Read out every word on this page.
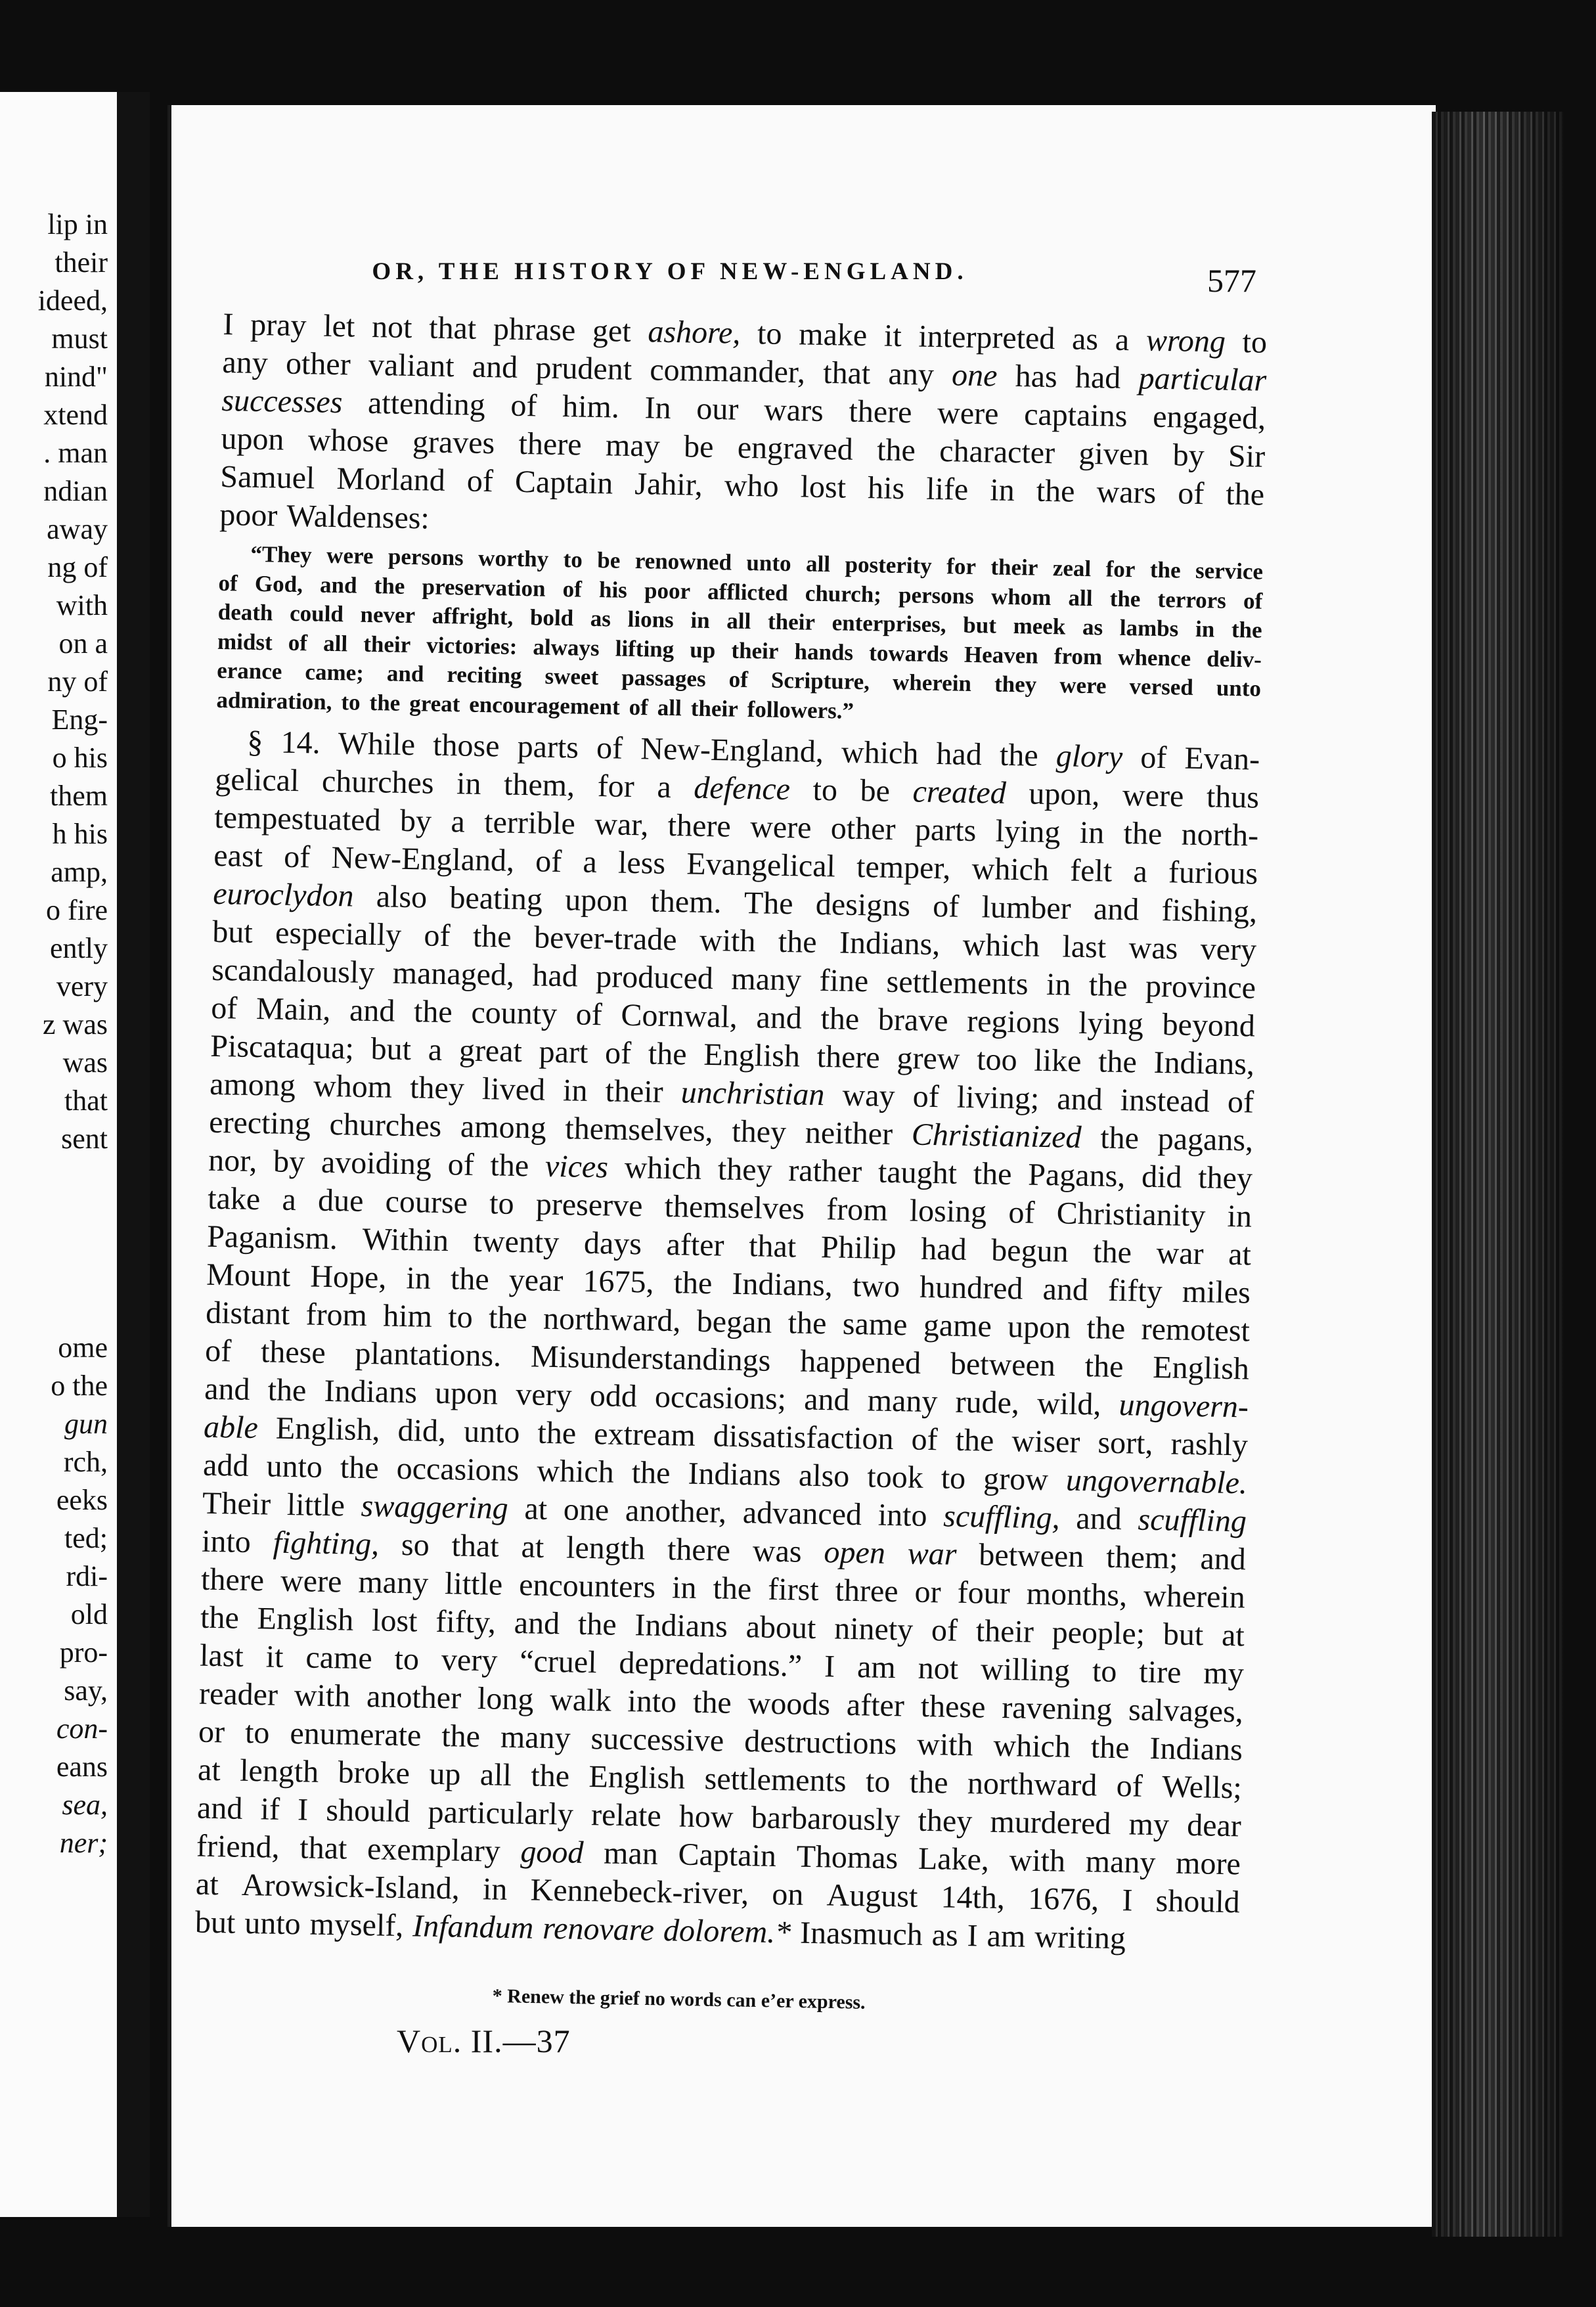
lip in
their
ideed,
must
nind"
xtend
. man
ndian
away
ng of
with
on a
ny of
Eng-
o his
them
h his
amp,
o fire
ently
very
z was
was
that
sent
ome
o the
gun
rch,
eeks
ted;
rdi-
old
pro-
say,
con-
eans
sea,
ner;
OR, THE HISTORY OF NEW-ENGLAND.	577
I pray let not that phrase get ashore, to make it interpreted as a wrong to
any other valiant and prudent commander, that any one has had particular
successes attending of him. In our wars there were captains engaged,
upon whose graves there may be engraved the character given by Sir
Samuel Morland of Captain Jahir, who lost his life in the wars of the
poor Waldenses:
“They were persons worthy to be renowned unto all posterity for their zeal for the service
of God, and the preservation of his poor afflicted church; persons whom all the terrors of
death could never affright, bold as lions in all their enterprises, but meek as lambs in the
midst of all their victories: always lifting up their hands towards Heaven from whence deliv-
erance came; and reciting sweet passages of Scripture, wherein they were versed unto
admiration, to the great encouragement of all their followers.”
§ 14. While those parts of New-England, which had the glory of Evan-
gelical churches in them, for a defence to be created upon, were thus
tempestuated by a terrible war, there were other parts lying in the north-
east of New-England, of a less Evangelical temper, which felt a furious
euroclydon also beating upon them. The designs of lumber and fishing,
but especially of the bever-trade with the Indians, which last was very
scandalously managed, had produced many fine settlements in the province
of Main, and the county of Cornwal, and the brave regions lying beyond
Piscataqua; but a great part of the English there grew too like the Indians,
among whom they lived in their unchristian way of living; and instead of
erecting churches among themselves, they neither Christianized the pagans,
nor, by avoiding of the vices which they rather taught the Pagans, did they
take a due course to preserve themselves from losing of Christianity in
Paganism. Within twenty days after that Philip had begun the war at
Mount Hope, in the year 1675, the Indians, two hundred and fifty miles
distant from him to the northward, began the same game upon the remotest
of these plantations. Misunderstandings happened between the English
and the Indians upon very odd occasions; and many rude, wild, ungovern-
able English, did, unto the extream dissatisfaction of the wiser sort, rashly
add unto the occasions which the Indians also took to grow ungovernable.
Their little swaggering at one another, advanced into scuffling, and scuffling
into fighting, so that at length there was open war between them; and
there were many little encounters in the first three or four months, wherein
the English lost fifty, and the Indians about ninety of their people; but at
last it came to very “cruel depredations.” I am not willing to tire my
reader with another long walk into the woods after these ravening salvages,
or to enumerate the many successive destructions with which the Indians
at length broke up all the English settlements to the northward of Wells;
and if I should particularly relate how barbarously they murdered my dear
friend, that exemplary good man Captain Thomas Lake, with many more
at Arowsick-Island, in Kennebeck-river, on August 14th, 1676, I should
but unto myself, Infandum renovare dolorem.* Inasmuch as I am writing
* Renew the grief no words can e’er express.
Vol. II.—37
